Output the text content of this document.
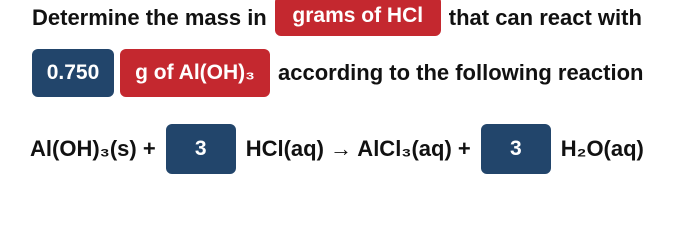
Determine the mass in	grams of HCl	that can react with
0.750	g of Al(OH)₃	according to the following reaction
Al(OH)₃(s) +	3	HCl(aq) → AlCl₃(aq) +	3	H₂O(aq)
